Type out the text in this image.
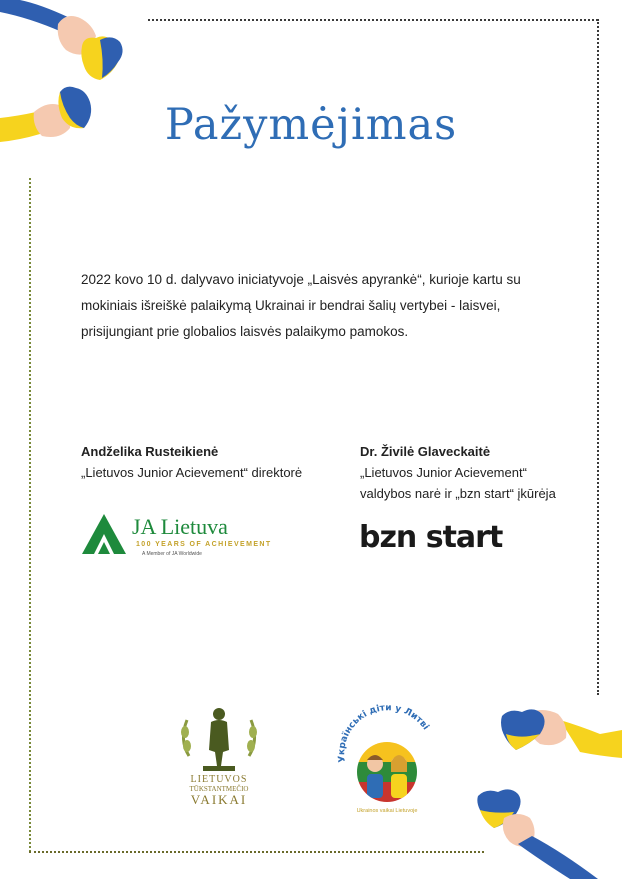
Pažymėjimas
2022 kovo 10 d. dalyvavo iniciatyvoje „Laisvės apyrankė“, kurioje kartu su mokiniais išreiškė palaikymą Ukrainai ir bendrai šalių vertybei - laisvei, prisijungiant prie globalios laisvės palaikymo pamokos.
Andželika Rusteikienė
„Lietuvos Junior Acievement“ direktorė
Dr. Živilė Glaveckaitė
„Lietuvos Junior Acievement“
valdybos narė ir „bzn start“ įkūrėja
JA Lietuva
100 YEARS OF ACHIEVEMENT
A Member of JA Worldwide	bzn start
LIETUVOS
TŪKSTANTMEČIO
VAIKAI
Українські діти у Литві
Ukrainos vaikai Lietuvoje
